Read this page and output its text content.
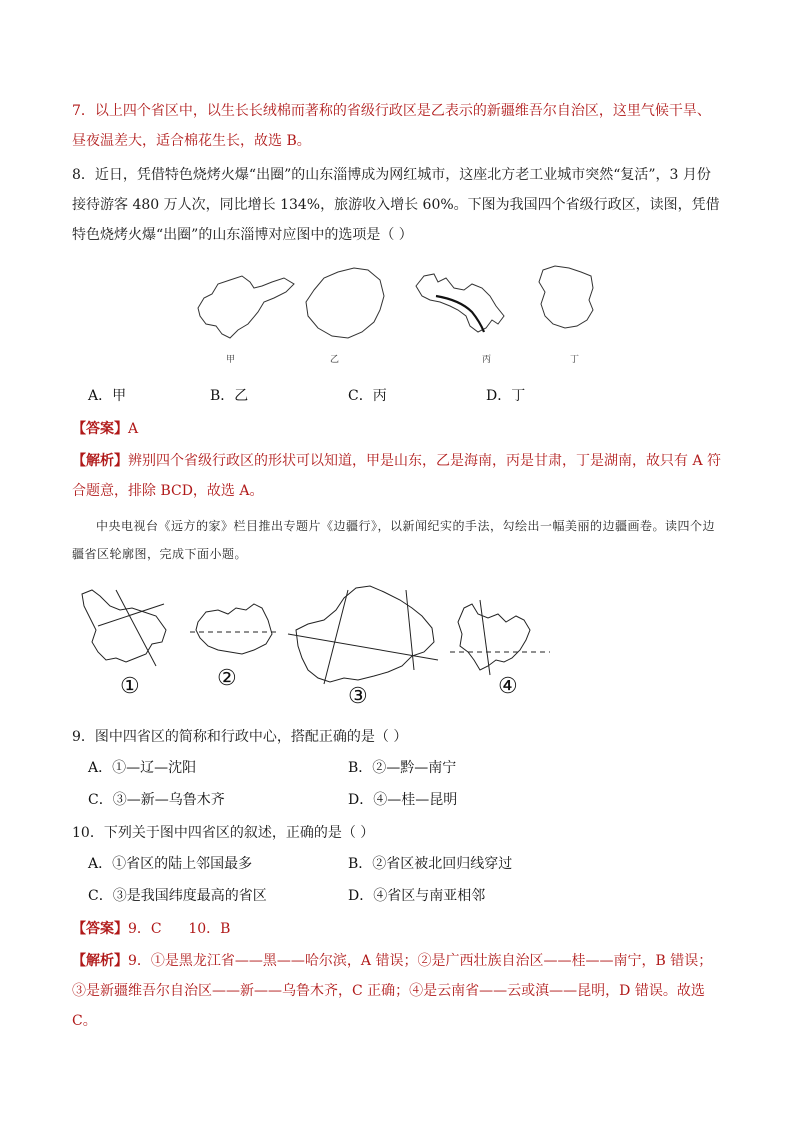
7．以上四个省区中，以生长长绒棉而著称的省级行政区是乙表示的新疆维吾尔自治区，这里气候干旱、昼夜温差大，适合棉花生长，故选 B。
8．近日，凭借特色烧烤火爆“出圈”的山东淄博成为网红城市，这座北方老工业城市突然“复活”，3 月份接待游客 480 万人次，同比增长 134%，旅游收入增长 60%。下图为我国四个省级行政区，读图，凭借特色烧烤火爆“出圈”的山东淄博对应图中的选项是（ ）
甲	乙	丙	丁
A．甲	B．乙	C．丙	D．丁
【答案】A
【解析】辨别四个省级行政区的形状可以知道，甲是山东，乙是海南，丙是甘肃，丁是湖南，故只有 A 符合题意，排除 BCD，故选 A。
中央电视台《远方的家》栏目推出专题片《边疆行》，以新闻纪实的手法，勾绘出一幅美丽的边疆画卷。读四个边疆省区轮廓图，完成下面小题。
①	②
③	④
9．图中四省区的简称和行政中心，搭配正确的是（ ）
A．①—辽—沈阳	B．②—黔—南宁
C．③—新—乌鲁木齐	D．④—桂—昆明
10．下列关于图中四省区的叙述，正确的是（ ）
A．①省区的陆上邻国最多	B．②省区被北回归线穿过
C．③是我国纬度最高的省区	D．④省区与南亚相邻
【答案】9．C      10．B
【解析】9．①是黑龙江省——黑——哈尔滨，A 错误；②是广西壮族自治区——桂——南宁，B 错误；③是新疆维吾尔自治区——新——乌鲁木齐，C 正确；④是云南省——云或滇——昆明，D 错误。故选 C。
